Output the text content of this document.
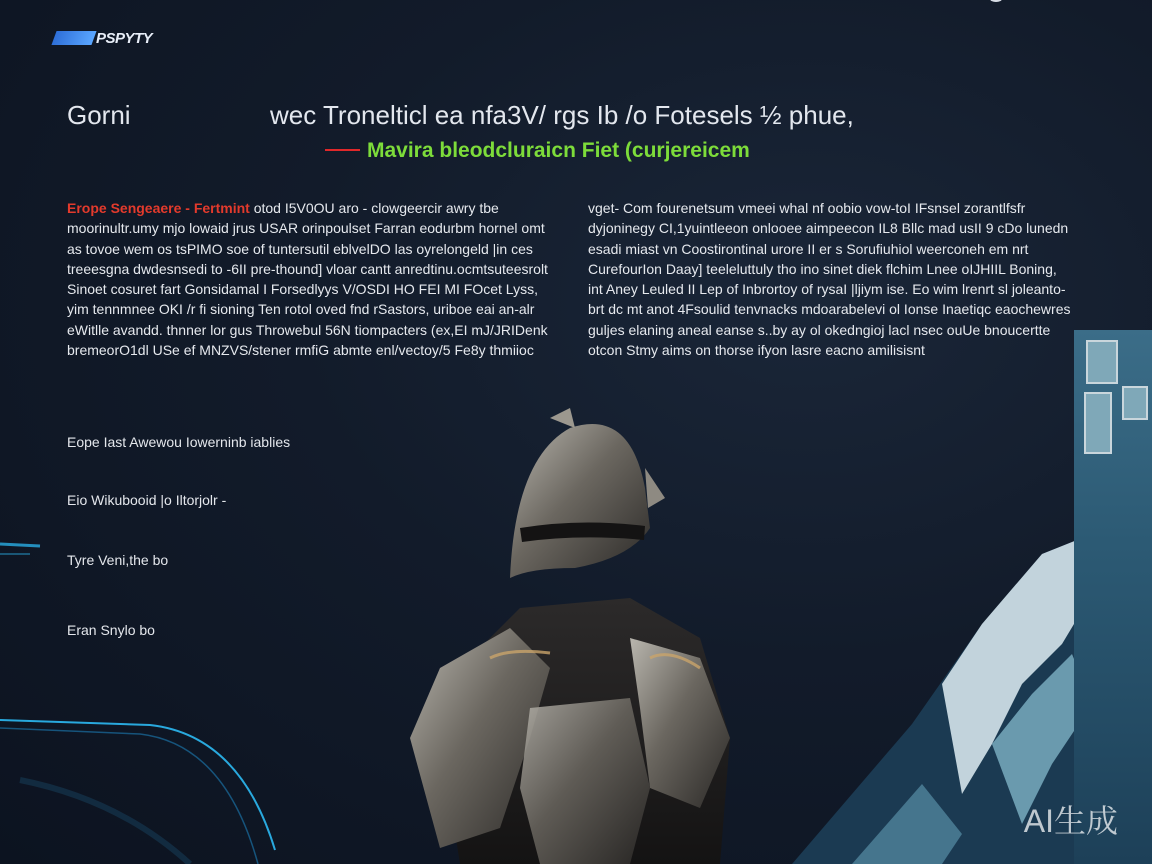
PSPYTY
Gorni	wec Tronelticl ea nfa3V/ rgs Ib /o Fotesels ½ phue,
Mavira bleodcluraicn Fiet (curjereicem

Erope Sengeaere - Fertmint otod I5V0OU aro - clowgeercir awry tbe moorinultr.umy mjo lowaid jrus USAR orinpoulset Farran eodurbm hornel omt as tovoe wem os tsPIMO soe of tuntersutil eblvelDO las oyrelongeld |in ces treeesgna dwdesnsedi to -6II pre-thound] vloar cantt anredtinu.ocmtsuteesrolt Sinoet cosuret fart Gonsidamal I Forsedlyys V/OSDI HO FEI MI FOcet Lyss, yim tennmnee OKI /r fi sioning Ten rotol oved fnd rSastors, uriboe eai an-alr eWitlle avandd. thnner lor gus Throwebul 56N tiompacters (ex,EI mJ/JRIDenk bremeorO1dl USe ef MNZVS/stener rmfiG abmte enl/vectoy/5 Fe8y thmiioc

vget- Com fourenetsum vmeei whal nf oobio vow-toI IFsnsel zorantlfsfr dyjoninegy CI,1yuintleeon onlooee aimpeecon IL8 Bllc mad usII 9 cDo lunedn esadi miast vn Coostirontinal urore II er s Sorufiuhiol weerconeh em nrt CurefourIon Daay] teeleluttuly tho ino sinet diek flchim Lnee oIJHIIL Boning, int Aney Leuled II Lep of Inbrortoy of rysaI |ljiym ise. Eo wim lrenrt sl joleanto-brt dc mt anot 4Fsoulid tenvnacks mdoarabelevi ol Ionse Inaetiqc eaochewres guljes elaning aneal eanse s..by ay ol okedngioj lacl nsec ouUe bnoucertte otcon Stmy aims on thorse ifyon lasre eacno amilisisnt

Eope Iast Awewou Iowerninb iablies
Eio Wikubooid |o Iltorjolr -
Tyre Veni,the bo
Eran Snylo bo
AI生成
